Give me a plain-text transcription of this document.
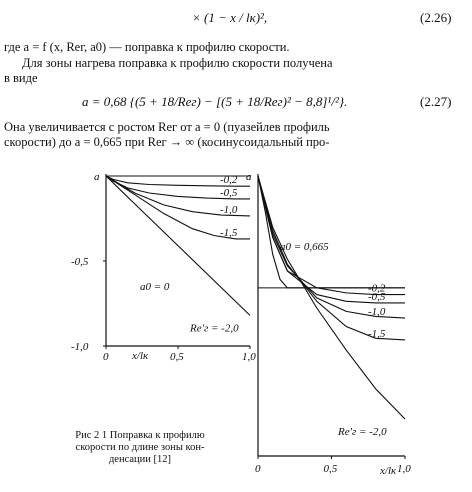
× (1 − x / lк)²,	(2.26)
где a = f (x, Reг, a0) — поправка к профилю скорости.
Для зоны нагрева поправка к профилю скорости получена
в виде
a = 0,68 {(5 + 18/Reг) − [(5 + 18/Reг)² − 8,8]¹/²}.	(2.27)
Она увеличивается с ростом Reг от a = 0 (пуазейлев профиль
скорости) до a = 0,665 при Reг → ∞ (косинусоидальный про-
a
-0,5
-1,0
0	0,5	1,0
x/lк
a0 = 0
-0,2
-0,5
-1,0
-1,5
Re'г = -2,0
a
0	0,5	1,0
x/lк
a0 = 0,665
-0,2
-0,5
-1,0
-1,5
Re'г = -2,0
Рис 2 1 Поправка к профилю
скорости по длине зоны кон-
денсации [12]
